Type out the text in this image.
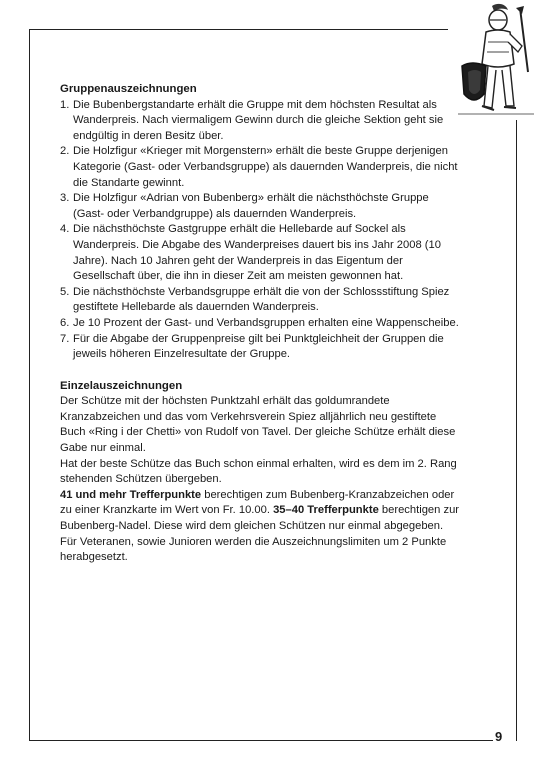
9
Gruppenauszeichnungen
1. Die Bubenbergstandarte erhält die Gruppe mit dem höchsten Resultat als Wanderpreis. Nach viermaligem Gewinn durch die gleiche Sektion geht sie endgültig in deren Besitz über.
2. Die Holzfigur «Krieger mit Morgenstern» erhält die beste Gruppe derjenigen Kategorie (Gast- oder Verbandsgruppe) als dauernden Wanderpreis, die nicht die Standarte gewinnt.
3. Die Holzfigur «Adrian von Bubenberg» erhält die nächsthöchste Gruppe (Gast- oder Verbandgruppe) als dauernden Wanderpreis.
4. Die nächsthöchste Gastgruppe erhält die Hellebarde auf Sockel als Wanderpreis. Die Abgabe des Wanderpreises dauert bis ins Jahr 2008 (10 Jahre). Nach 10 Jahren geht der Wanderpreis in das Eigentum der Gesellschaft über, die ihn in dieser Zeit am meisten gewonnen hat.
5. Die nächsthöchste Verbandsgruppe erhält die von der Schlossstiftung Spiez gestiftete Hellebarde als dauernden Wanderpreis.
6. Je 10 Prozent der Gast- und Verbandsgruppen erhalten eine Wappenscheibe.
7. Für die Abgabe der Gruppenpreise gilt bei Punktgleichheit der Gruppen die jeweils höheren Einzelresultate der Gruppe.
Einzelauszeichnungen

Der Schütze mit der höchsten Punktzahl erhält das goldumrandete Kranzabzeichen und das vom Verkehrsverein Spiez alljährlich neu gestiftete Buch «Ring i der Chetti» von Rudolf von Tavel. Der gleiche Schütze erhält diese Gabe nur einmal.

Hat der beste Schütze das Buch schon einmal erhalten, wird es dem im 2. Rang stehenden Schützen übergeben.

41 und mehr Trefferpunkte berechtigen zum Bubenberg-Kranzabzeichen oder zu einer Kranzkarte im Wert von Fr. 10.00. 35–40 Trefferpunkte berechtigen zur Bubenberg-Nadel. Diese wird dem gleichen Schützen nur einmal abgegeben.

Für Veteranen, sowie Junioren werden die Auszeichnungslimiten um 2 Punkte herabgesetzt.
